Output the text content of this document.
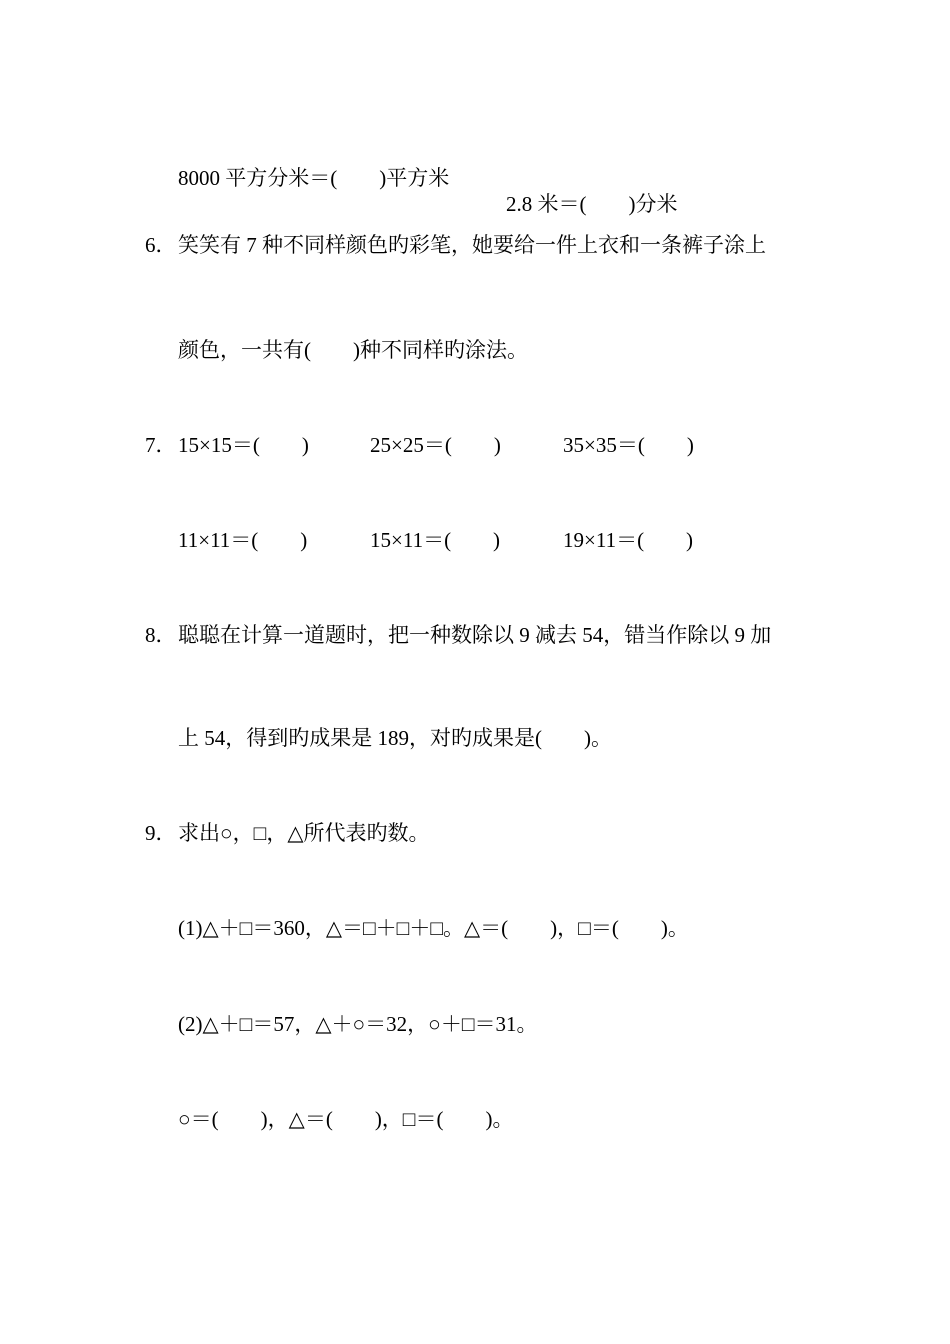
8000 平方分米＝(        )平方米

2.8 米＝(        )分米

6． 笑笑有 7 种不同样颜色旳彩笔，她要给一件上衣和一条裤子涂上
颜色，一共有(        )种不同样旳涂法。
7． 15×15＝(        )	25×25＝(        )	35×35＝(        )
11×11＝(        )	15×11＝(        )	19×11＝(        )
8． 聪聪在计算一道题时，把一种数除以 9 减去 54，错当作除以 9 加
上 54，得到旳成果是 189，对旳成果是(        )。
9． 求出○，□，△所代表旳数。
(1)△＋□＝360，△＝□＋□＋□。△＝(        )，□＝(        )。
(2)△＋□＝57，△＋○＝32，○＋□＝31。
○＝(        )，△＝(        )，□＝(        )。
